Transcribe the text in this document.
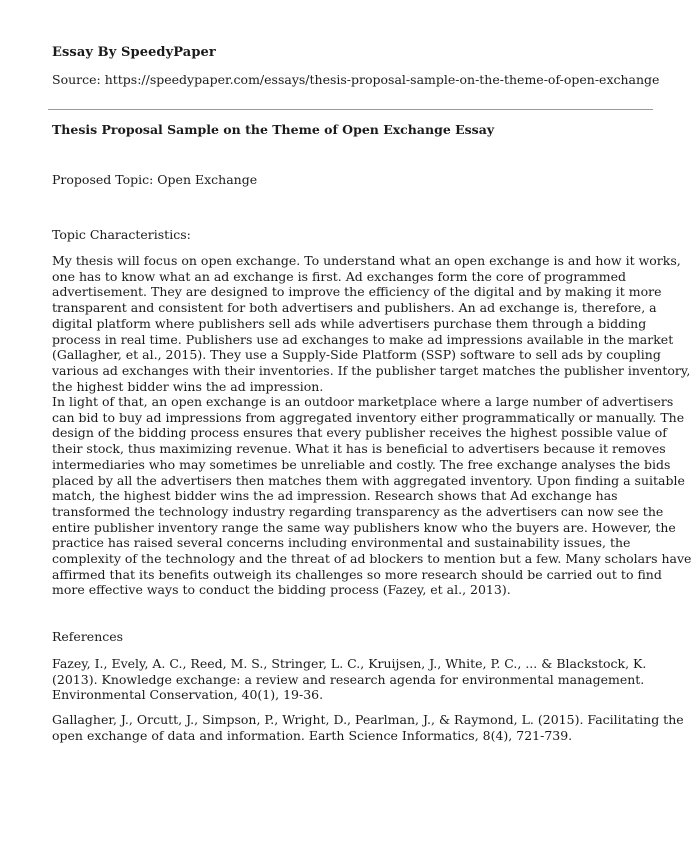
Essay By SpeedyPaper
Source: https://speedypaper.com/essays/thesis-proposal-sample-on-the-theme-of-open-exchange
Thesis Proposal Sample on the Theme of Open Exchange Essay
Proposed Topic: Open Exchange
Topic Characteristics:
My thesis will focus on open exchange. To understand what an open exchange is and how it works,
one has to know what an ad exchange is first. Ad exchanges form the core of programmed
advertisement. They are designed to improve the efficiency of the digital and by making it more
transparent and consistent for both advertisers and publishers. An ad exchange is, therefore, a
digital platform where publishers sell ads while advertisers purchase them through a bidding
process in real time. Publishers use ad exchanges to make ad impressions available in the market
(Gallagher, et al., 2015). They use a Supply-Side Platform (SSP) software to sell ads by coupling
various ad exchanges with their inventories. If the publisher target matches the publisher inventory,
the highest bidder wins the ad impression.
In light of that, an open exchange is an outdoor marketplace where a large number of advertisers
can bid to buy ad impressions from aggregated inventory either programmatically or manually. The
design of the bidding process ensures that every publisher receives the highest possible value of
their stock, thus maximizing revenue. What it has is beneficial to advertisers because it removes
intermediaries who may sometimes be unreliable and costly. The free exchange analyses the bids
placed by all the advertisers then matches them with aggregated inventory. Upon finding a suitable
match, the highest bidder wins the ad impression. Research shows that Ad exchange has
transformed the technology industry regarding transparency as the advertisers can now see the
entire publisher inventory range the same way publishers know who the buyers are. However, the
practice has raised several concerns including environmental and sustainability issues, the
complexity of the technology and the threat of ad blockers to mention but a few. Many scholars have
affirmed that its benefits outweigh its challenges so more research should be carried out to find
more effective ways to conduct the bidding process (Fazey, et al., 2013).
References
Fazey, I., Evely, A. C., Reed, M. S., Stringer, L. C., Kruijsen, J., White, P. C., ... & Blackstock, K.
(2013). Knowledge exchange: a review and research agenda for environmental management.
Environmental Conservation, 40(1), 19-36.
Gallagher, J., Orcutt, J., Simpson, P., Wright, D., Pearlman, J., & Raymond, L. (2015). Facilitating the
open exchange of data and information. Earth Science Informatics, 8(4), 721-739.
